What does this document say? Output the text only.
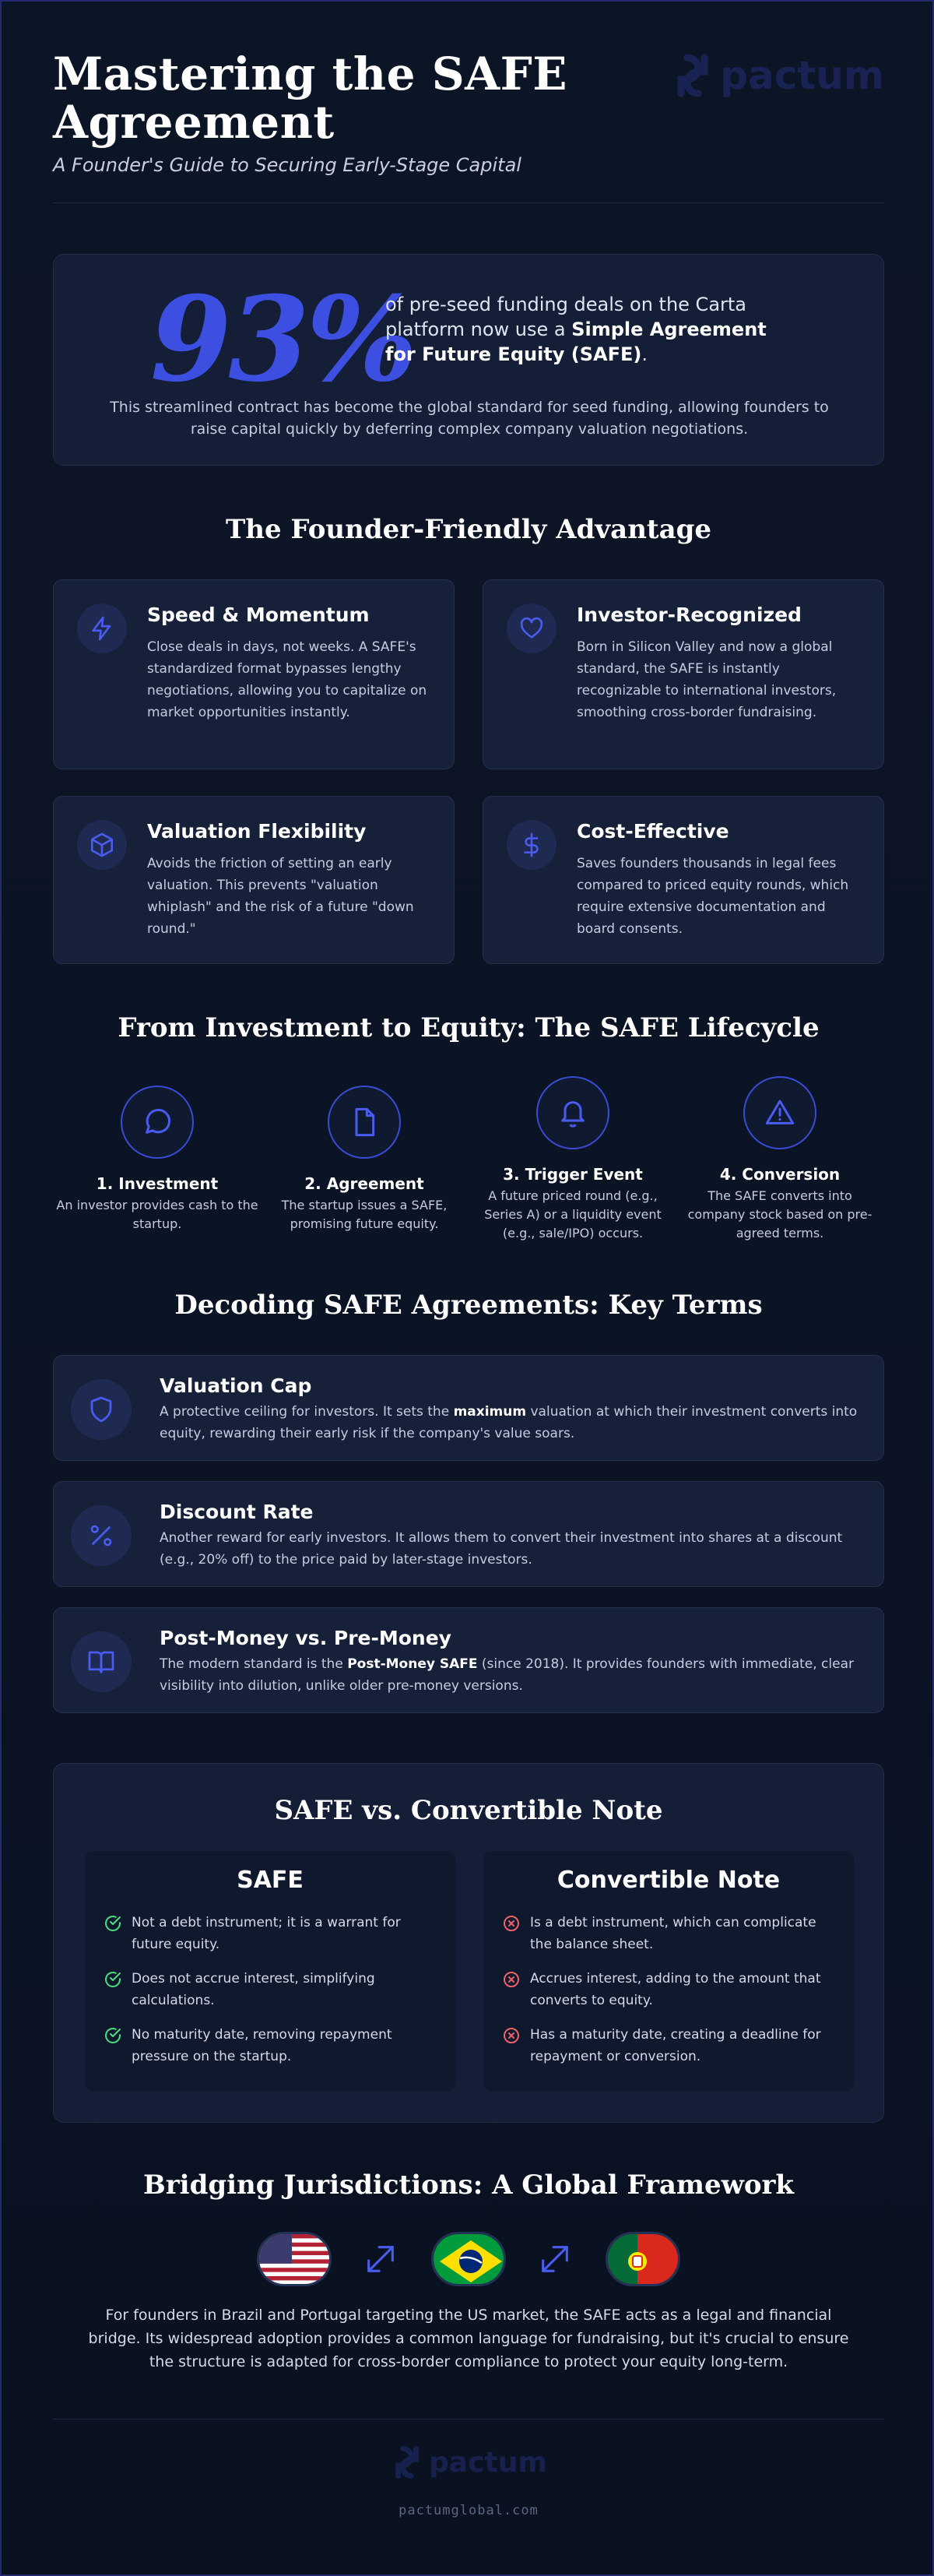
Mastering the SAFE
Agreement
A Founder's Guide to Securing Early-Stage Capital
pactum
93%
of pre-seed funding deals on the Carta platform now use a Simple Agreement for Future Equity (SAFE).
This streamlined contract has become the global standard for seed funding, allowing founders to raise capital quickly by deferring complex company valuation negotiations.
The Founder-Friendly Advantage
Speed & Momentum
Close deals in days, not weeks. A SAFE's standardized format bypasses lengthy negotiations, allowing you to capitalize on market opportunities instantly.
Investor-Recognized
Born in Silicon Valley and now a global standard, the SAFE is instantly recognizable to international investors, smoothing cross-border fundraising.
Valuation Flexibility
Avoids the friction of setting an early valuation. This prevents "valuation whiplash" and the risk of a future "down round."
Cost-Effective
Saves founders thousands in legal fees compared to priced equity rounds, which require extensive documentation and board consents.
From Investment to Equity: The SAFE Lifecycle
1. Investment
An investor provides cash to the startup.
2. Agreement
The startup issues a SAFE, promising future equity.
3. Trigger Event
A future priced round (e.g., Series A) or a liquidity event (e.g., sale/IPO) occurs.
4. Conversion
The SAFE converts into company stock based on pre-agreed terms.
Decoding SAFE Agreements: Key Terms
Valuation Cap
A protective ceiling for investors. It sets the maximum valuation at which their investment converts into equity, rewarding their early risk if the company's value soars.
Discount Rate
Another reward for early investors. It allows them to convert their investment into shares at a discount (e.g., 20% off) to the price paid by later-stage investors.
Post-Money vs. Pre-Money
The modern standard is the Post-Money SAFE (since 2018). It provides founders with immediate, clear visibility into dilution, unlike older pre-money versions.
SAFE vs. Convertible Note
SAFE
Not a debt instrument; it is a warrant for future equity.
Does not accrue interest, simplifying calculations.
No maturity date, removing repayment pressure on the startup.
Convertible Note
Is a debt instrument, which can complicate the balance sheet.
Accrues interest, adding to the amount that converts to equity.
Has a maturity date, creating a deadline for repayment or conversion.
Bridging Jurisdictions: A Global Framework
For founders in Brazil and Portugal targeting the US market, the SAFE acts as a legal and financial bridge. Its widespread adoption provides a common language for fundraising, but it's crucial to ensure the structure is adapted for cross-border compliance to protect your equity long-term.
pactum
pactumglobal.com
